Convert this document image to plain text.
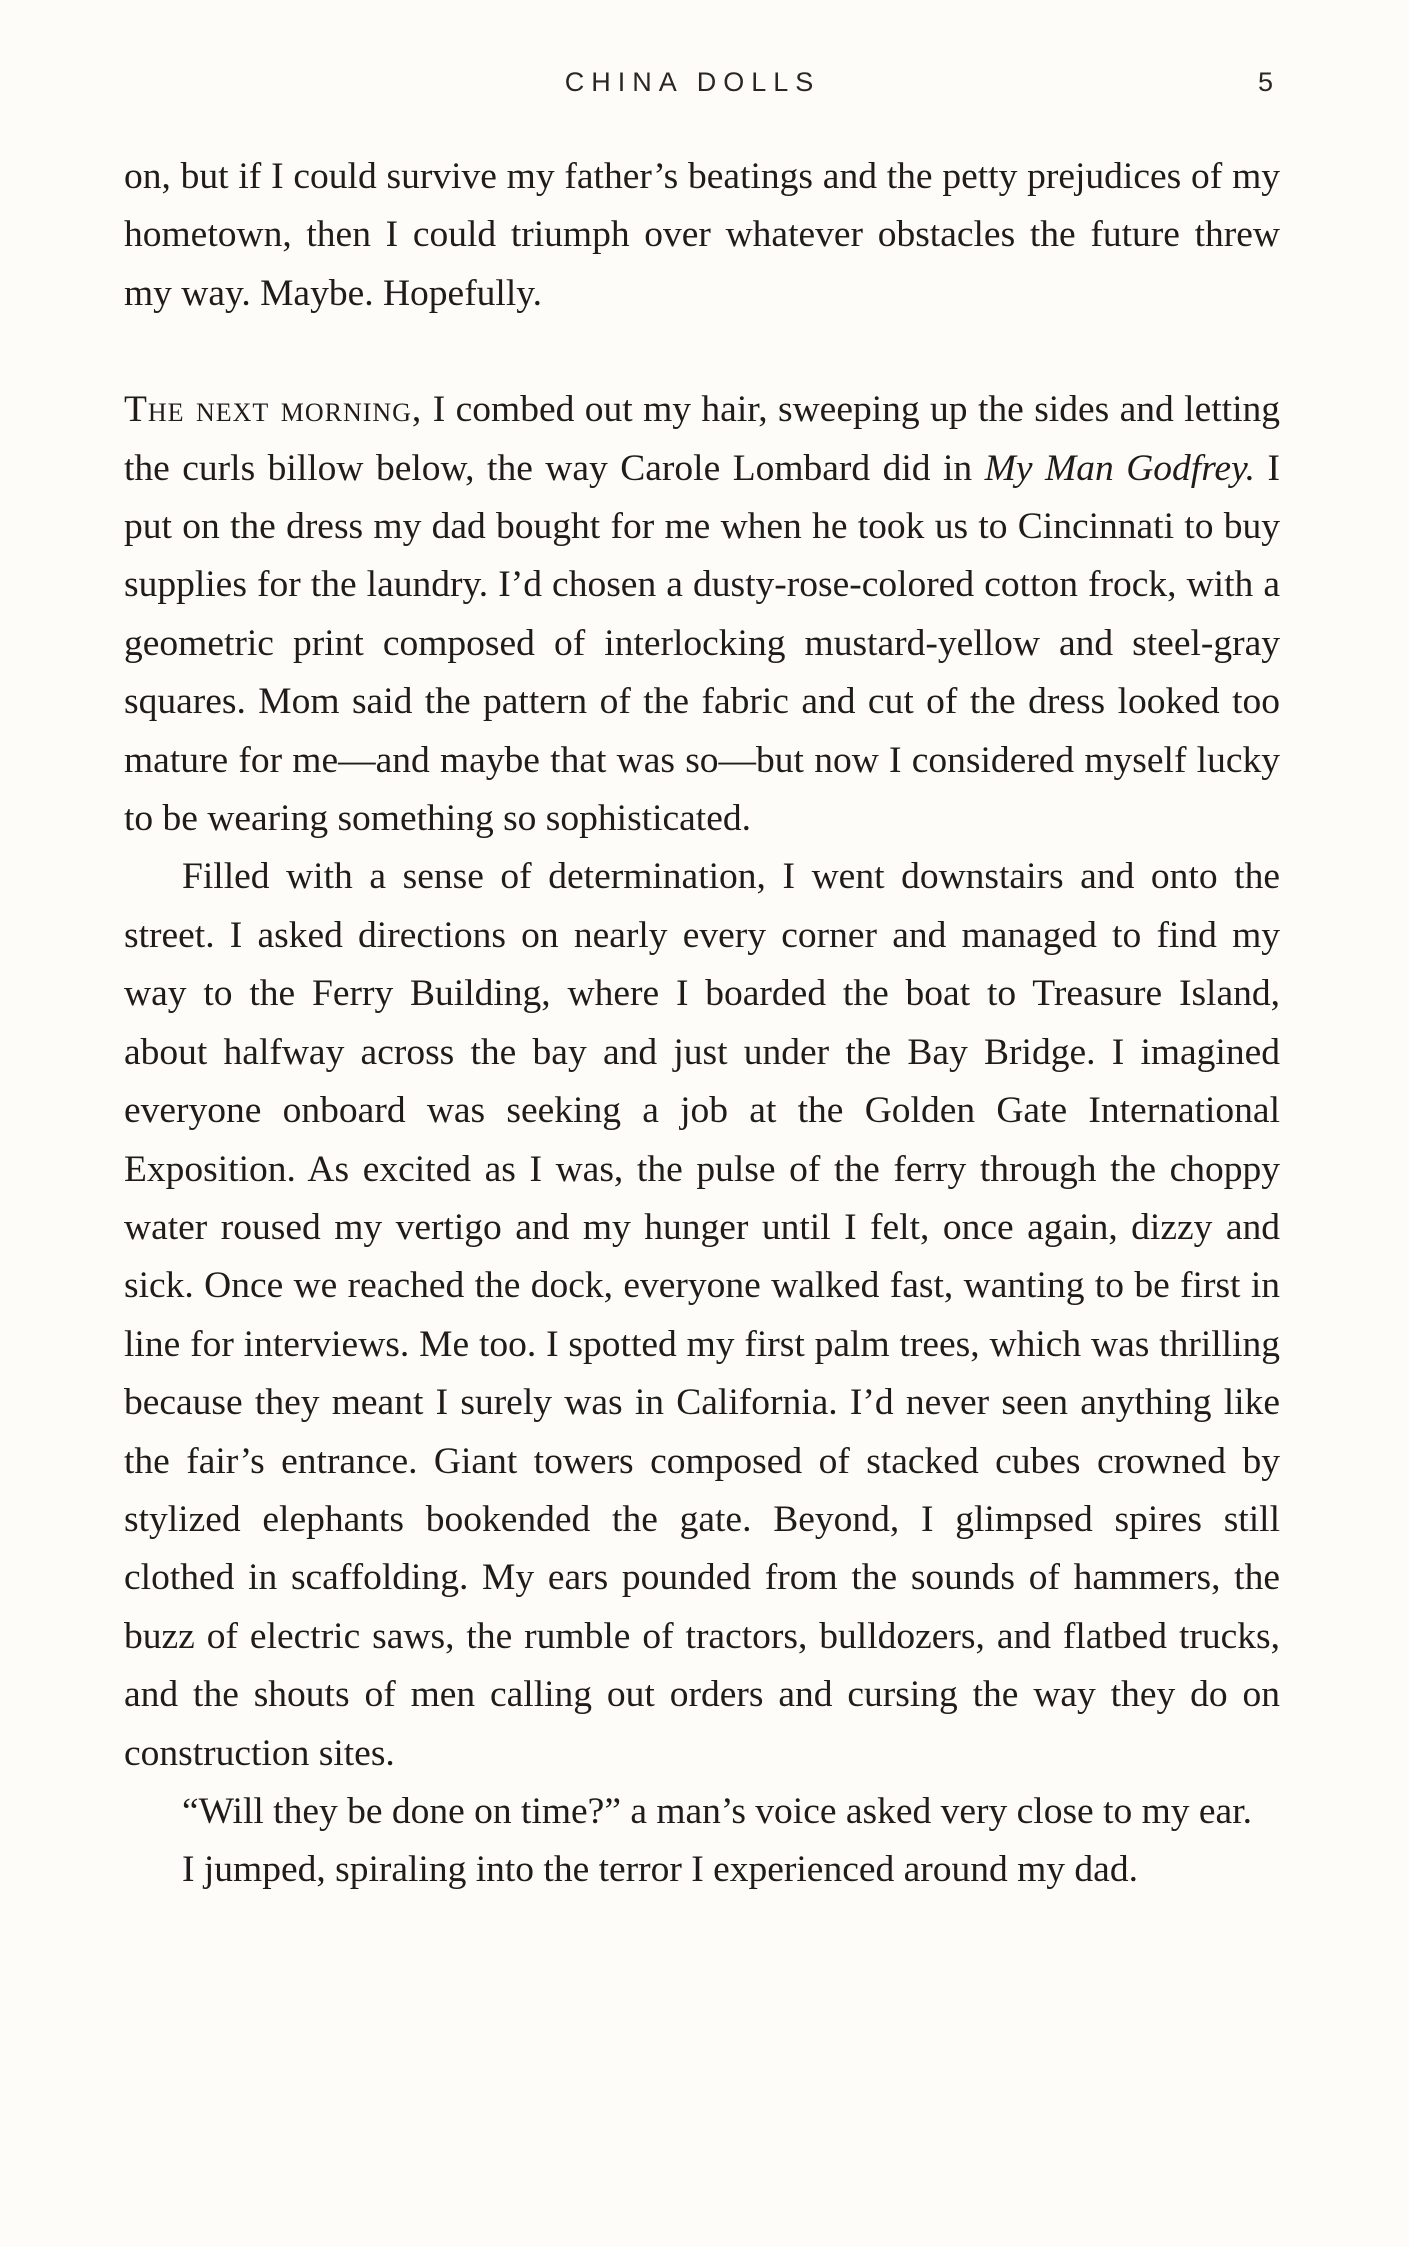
CHINA DOLLS	5

on, but if I could survive my father’s beatings and the petty prejudices of my hometown, then I could triumph over whatever obstacles the future threw my way. Maybe. Hopefully.

The next morning, I combed out my hair, sweeping up the sides and letting the curls billow below, the way Carole Lombard did in My Man Godfrey. I put on the dress my dad bought for me when he took us to Cincinnati to buy supplies for the laundry. I’d chosen a dusty-rose-colored cotton frock, with a geometric print composed of interlocking mustard-yellow and steel-gray squares. Mom said the pattern of the fabric and cut of the dress looked too mature for me—and maybe that was so—but now I considered myself lucky to be wearing something so sophisticated.

Filled with a sense of determination, I went downstairs and onto the street. I asked directions on nearly every corner and managed to find my way to the Ferry Building, where I boarded the boat to Treasure Island, about halfway across the bay and just under the Bay Bridge. I imagined everyone onboard was seeking a job at the Golden Gate International Exposition. As excited as I was, the pulse of the ferry through the choppy water roused my vertigo and my hunger until I felt, once again, dizzy and sick. Once we reached the dock, everyone walked fast, wanting to be first in line for interviews. Me too. I spotted my first palm trees, which was thrilling because they meant I surely was in California. I’d never seen anything like the fair’s entrance. Giant towers composed of stacked cubes crowned by stylized elephants bookended the gate. Beyond, I glimpsed spires still clothed in scaffolding. My ears pounded from the sounds of hammers, the buzz of electric saws, the rumble of tractors, bulldozers, and flatbed trucks, and the shouts of men calling out orders and cursing the way they do on construction sites.

“Will they be done on time?” a man’s voice asked very close to my ear.

I jumped, spiraling into the terror I experienced around my dad.
